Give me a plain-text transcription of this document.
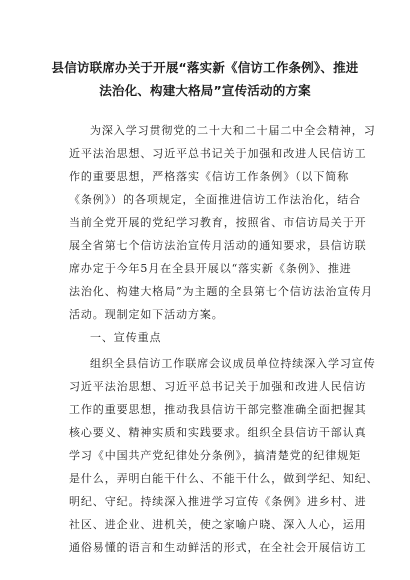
县信访联席办关于开展“落实新《信访工作条例》、推进
法治化、构建大格局”宣传活动的方案

为深入学习贯彻党的二十大和二十届二中全会精神，习

近平法治思想、习近平总书记关于加强和改进人民信访工

作的重要思想，严格落实《信访工作条例》（以下简称

《条例》）的各项规定，全面推进信访工作法治化，结合

当前全党开展的党纪学习教育，按照省、市信访局关于开

展全省第七个信访法治宣传月活动的通知要求，县信访联

席办定于今年5月在全县开展以“落实新《条例》、推进

法治化、构建大格局”为主题的全县第七个信访法治宣传月

活动。现制定如下活动方案。

一、宣传重点

组织全县信访工作联席会议成员单位持续深入学习宣传

习近平法治思想、习近平总书记关于加强和改进人民信访

工作的重要思想，推动我县信访干部完整准确全面把握其

核心要义、精神实质和实践要求。组织全县信访干部认真

学习《中国共产党纪律处分条例》，搞清楚党的纪律规矩

是什么，弄明白能干什么、不能干什么，做到学纪、知纪、

明纪、守纪。持续深入推进学习宣传《条例》进乡村、进

社区、进企业、进机关，使之家喻户晓、深入人心，运用

通俗易懂的语言和生动鲜活的形式，在全社会开展信访工
